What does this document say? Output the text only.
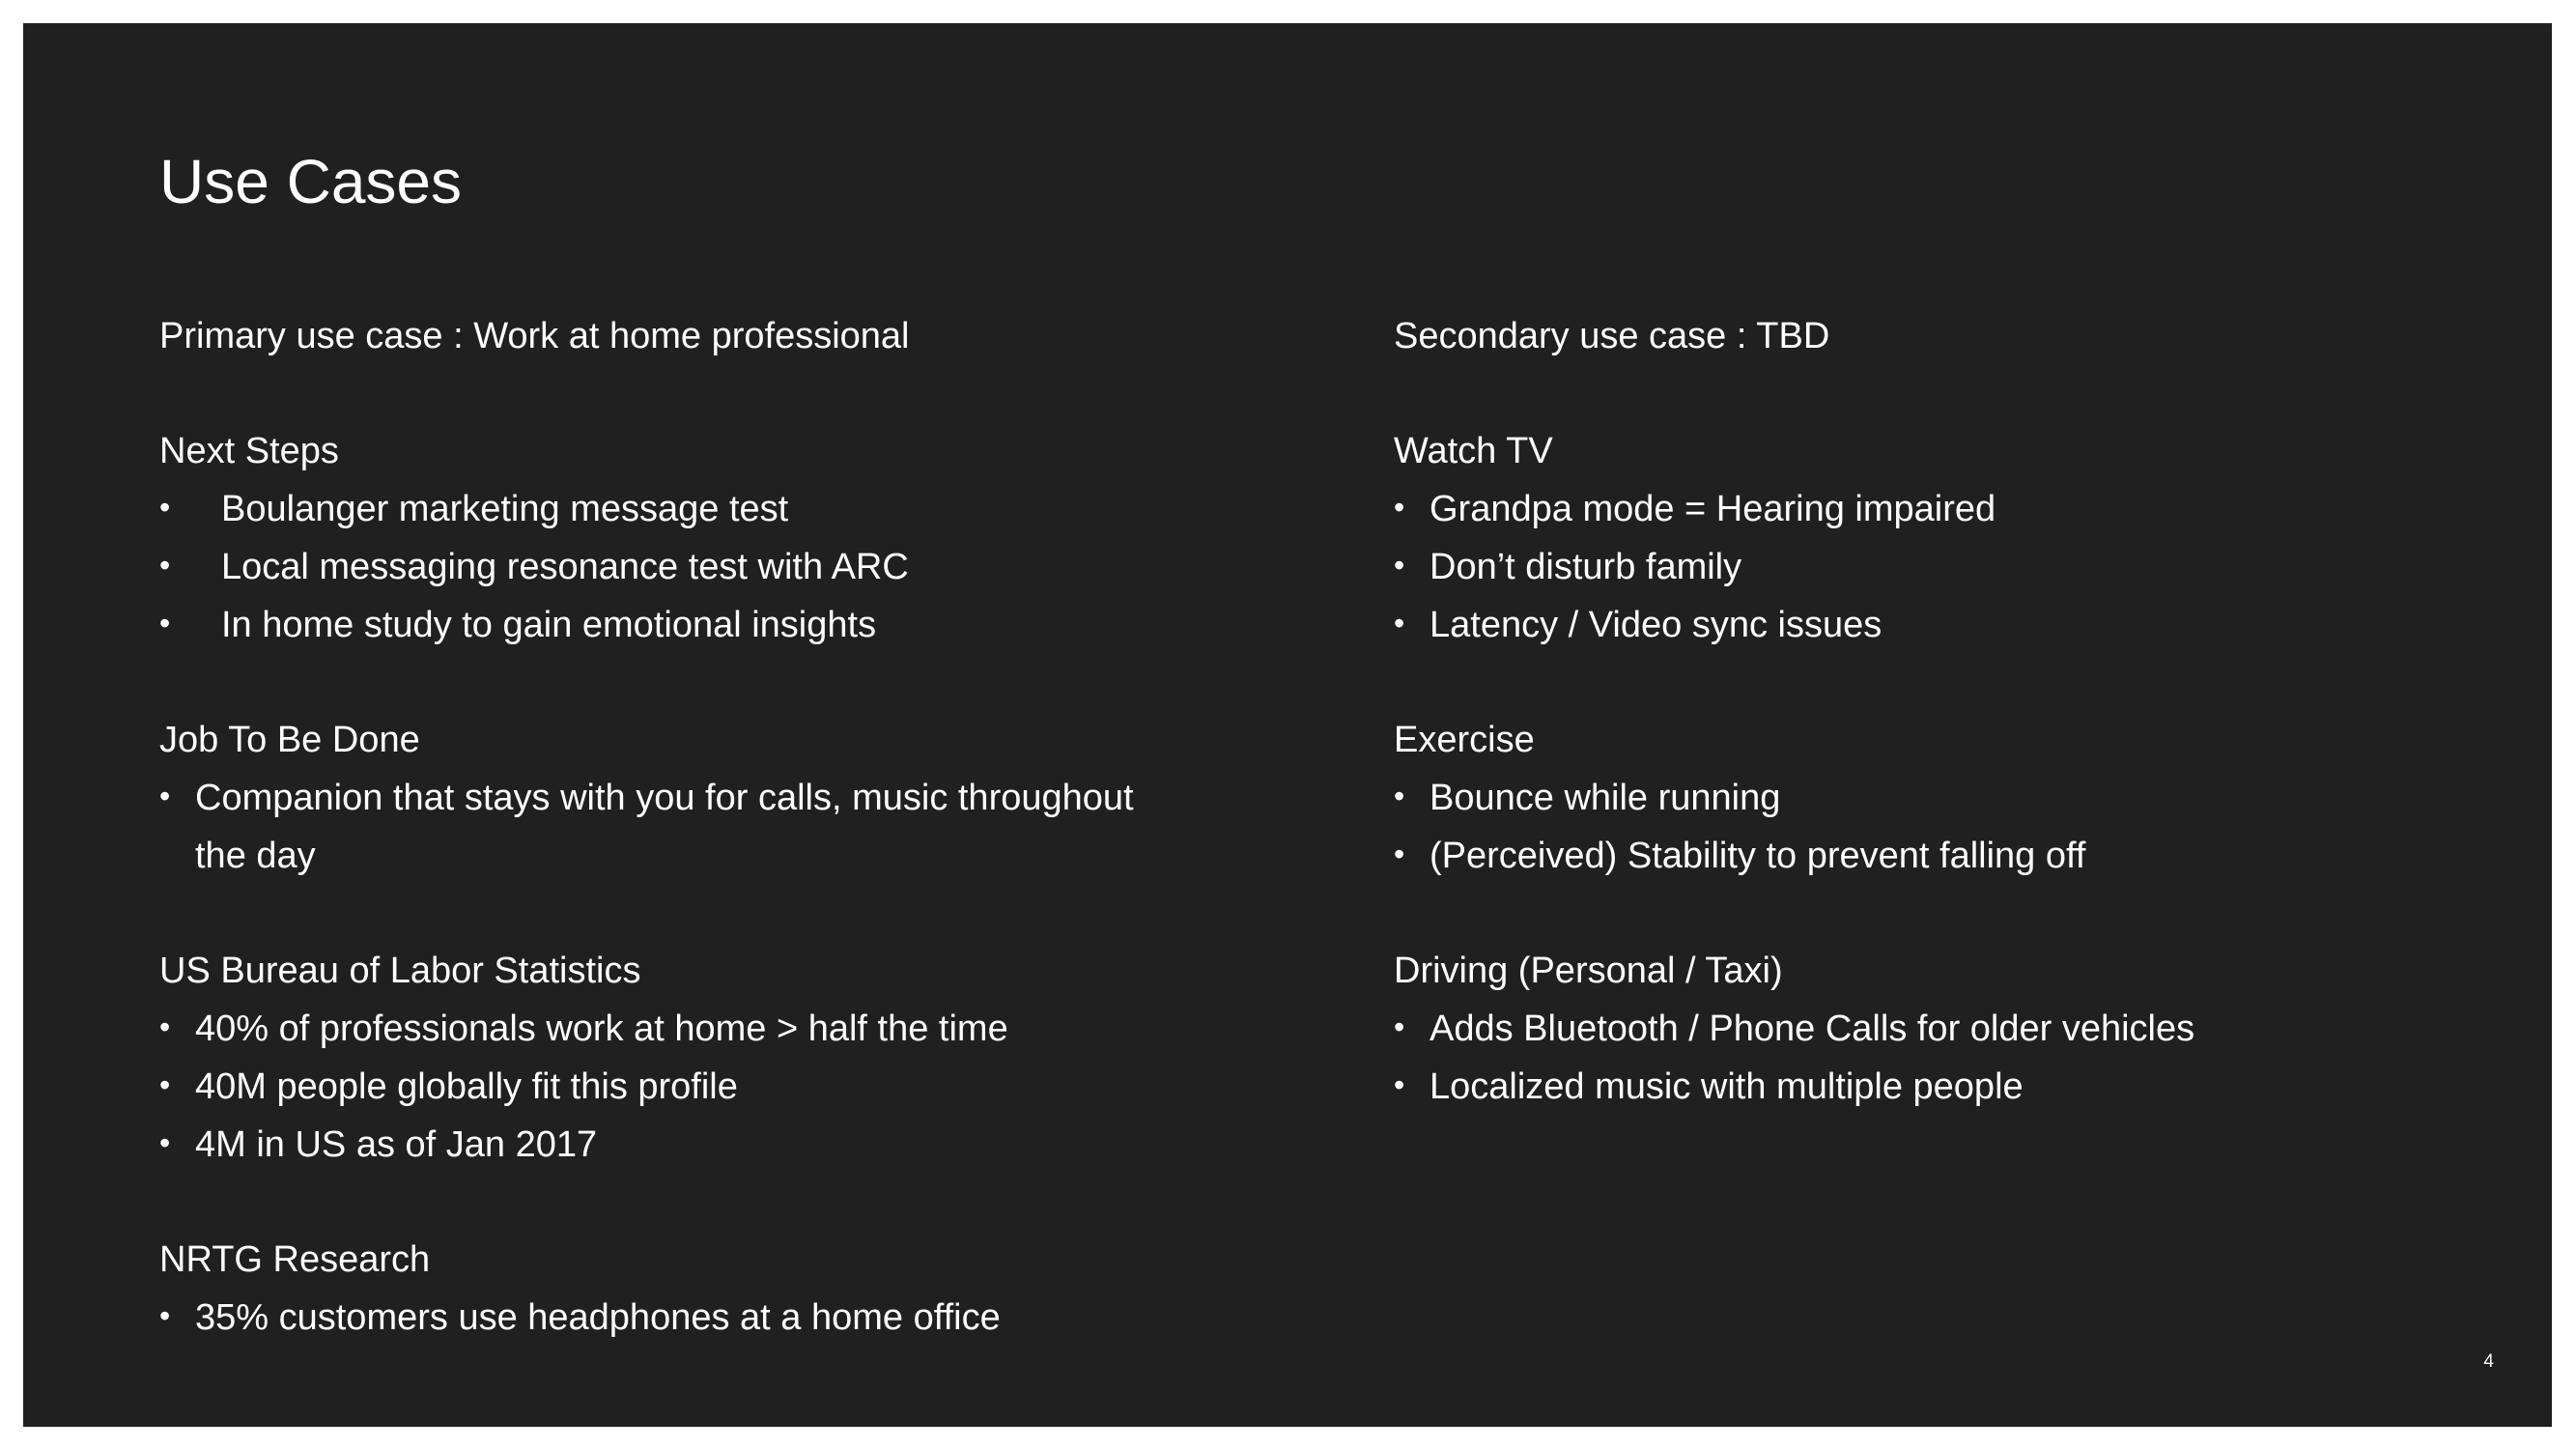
Use Cases

Primary use case : Work at home professional

Next Steps

• Boulanger marketing message test
• Local messaging resonance test with ARC
• In home study to gain emotional insights

Job To Be Done

• Companion that stays with you for calls, music throughout the day

US Bureau of Labor Statistics

• 40% of professionals work at home > half the time
• 40M people globally fit this profile
• 4M in US as of Jan 2017

NRTG Research

• 35% customers use headphones at a home office

Secondary use case : TBD

Watch TV

• Grandpa mode = Hearing impaired
• Don’t disturb family
• Latency / Video sync issues

Exercise

• Bounce while running
• (Perceived) Stability to prevent falling off

Driving (Personal / Taxi)

• Adds Bluetooth / Phone Calls for older vehicles
• Localized music with multiple people
4
